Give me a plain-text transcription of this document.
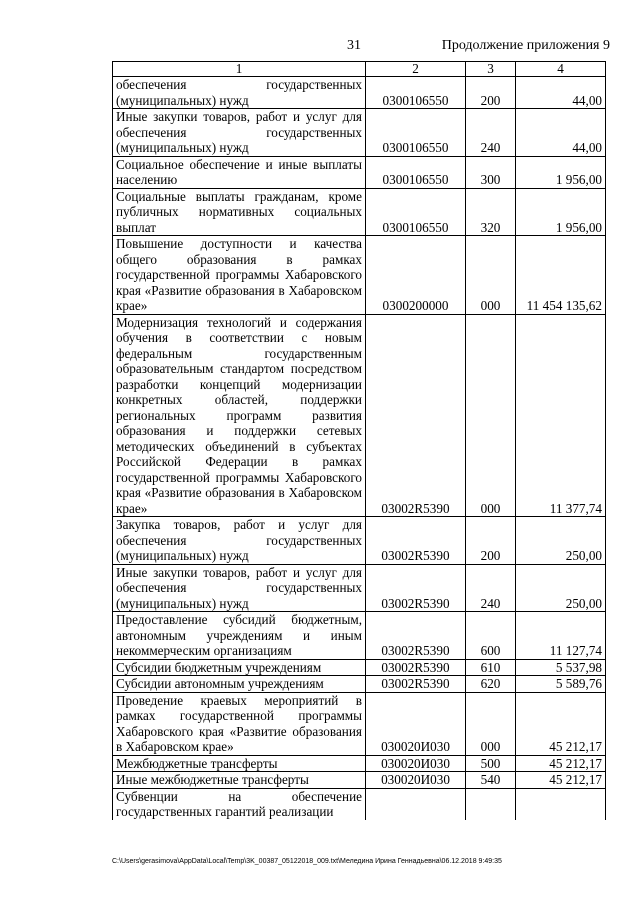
31	Продолжение приложения 9
1	2	3	4
обеспечения государственных (муниципальных) нужд	0300106550	200	44,00
Иные закупки товаров, работ и услуг для обеспечения государственных (муниципальных) нужд	0300106550	240	44,00
Социальное обеспечение и иные выплаты населению	0300106550	300	1 956,00
Социальные выплаты гражданам, кроме публичных нормативных социальных выплат	0300106550	320	1 956,00
Повышение доступности и качества общего образования в рамках государственной программы Хабаровского края «Развитие образования в Хабаровском крае»	0300200000	000	11 454 135,62
Модернизация технологий и содержания обучения в соответствии с новым федеральным государственным образовательным стандартом посредством разработки концепций модернизации конкретных областей, поддержки региональных программ развития образования и поддержки сетевых методических объединений в субъектах Российской Федерации в рамках государственной программы Хабаровского края «Развитие образования в Хабаровском крае»	03002R5390	000	11 377,74
Закупка товаров, работ и услуг для обеспечения государственных (муниципальных) нужд	03002R5390	200	250,00
Иные закупки товаров, работ и услуг для обеспечения государственных (муниципальных) нужд	03002R5390	240	250,00
Предоставление субсидий бюджетным, автономным учреждениям и иным некоммерческим организациям	03002R5390	600	11 127,74
Субсидии бюджетным учреждениям	03002R5390	610	5 537,98
Субсидии автономным учреждениям	03002R5390	620	5 589,76
Проведение краевых мероприятий в рамках государственной программы Хабаровского края «Развитие образования в Хабаровском крае»	030020И030	000	45 212,17
Межбюджетные трансферты	030020И030	500	45 212,17
Иные межбюджетные трансферты	030020И030	540	45 212,17
Субвенции на обеспечение государственных гарантий реализации			
C:\Users\gerasimova\AppData\Local\Temp\3K_00387_05122018_009.txt\Меледина Ирина Геннадьевна\06.12.2018 9:49:35
